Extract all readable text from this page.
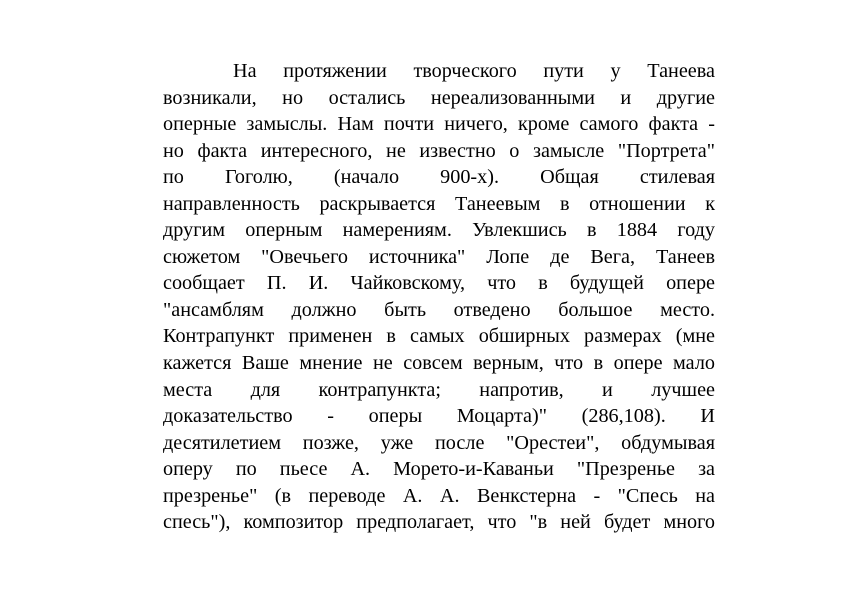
На протяжении творческого пути у Танеева
возникали, но остались нереализованными и другие
оперные замыслы. Нам почти ничего, кроме самого факта -
но факта интересного, не известно о замысле "Портрета"
по Гоголю, (начало 900-х). Общая стилевая
направленность раскрывается Танеевым в отношении к
другим оперным намерениям. Увлекшись в 1884 году
сюжетом "Овечьего источника" Лопе де Вега, Танеев
сообщает П. И. Чайковскому, что в будущей опере
"ансамблям должно быть отведено большое место.
Контрапункт применен в самых обширных размерах (мне
кажется Ваше мнение не совсем верным, что в опере мало
места для контрапункта; напротив, и лучшее
доказательство - оперы Моцарта)" (286,108). И
десятилетием позже, уже после "Орестеи", обдумывая
оперу по пьесе А. Морето-и-Каваньи "Презренье за
презренье" (в переводе А. А. Венкстерна - "Спесь на
спесь"), композитор предполагает, что "в ней будет много
